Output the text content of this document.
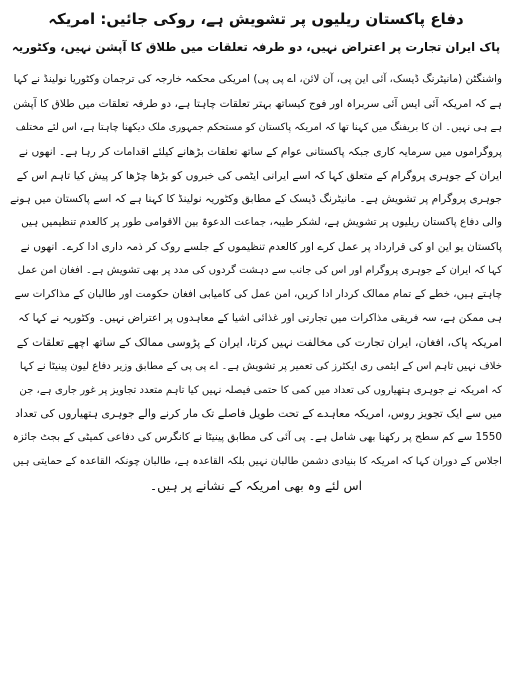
دفاع پاکستان ریلیوں پر تشویش ہے، روکی جائیں: امریکہ
پاک ایران تجارت پر اعتراض نہیں، دو طرفہ تعلقات میں طلاق کا آپشن نہیں، وکٹوریہ
واشنگٹن (مانیٹرنگ ڈیسک، آئی این پی، آن لائن، اے پی پی) امریکی محکمہ خارجہ کی ترجمان وکٹوریا نولینڈ نے کہا
ہے کہ امریکہ آئی ایس آئی سربراہ اور فوج کیساتھ بہتر تعلقات چاہتا ہے، دو طرفہ تعلقات میں طلاق کا آپشن
ہے ہی نہیں۔ ان کا بریفنگ میں کہنا تھا کہ امریکہ پاکستان کو مستحکم جمہوری ملک دیکھنا چاہتا ہے، اس لئے مختلف
پروگراموں میں سرمایہ کاری جبکہ پاکستانی عوام کے ساتھ تعلقات بڑھانے کیلئے اقدامات کر رہا ہے۔ انھوں نے
ایران کے جوہری پروگرام کے متعلق کہا کہ اسے ایرانی ایٹمی کی خبروں کو بڑھا چڑھا کر پیش کیا تاہم اس کے
جوہری پروگرام پر تشویش ہے۔ مانیٹرنگ ڈیسک کے مطابق وکٹوریہ نولینڈ کا کہنا ہے کہ اسے پاکستان میں ہونے
والی دفاع پاکستان ریلیوں پر تشویش ہے، لشکر طیبہ، جماعت الدعوۃ بین الاقوامی طور پر کالعدم تنظیمیں ہیں
پاکستان یو این او کی قرارداد پر عمل کرے اور کالعدم تنظیموں کے جلسے روک کر ذمہ داری ادا کرے۔ انھوں نے
کہا کہ ایران کے جوہری پروگرام اور اس کی جانب سے دہشت گردوں کی مدد پر بھی تشویش ہے۔ افغان امن عمل
چاہتے ہیں، خطے کے تمام ممالک کردار ادا کریں، امن عمل کی کامیابی افغان حکومت اور طالبان کے مذاکرات سے
ہی ممکن ہے، سہ فریقی مذاکرات میں تجارتی اور غذائی اشیا کے معاہدوں پر اعتراض نہیں۔ وکٹوریہ نے کہا کہ
امریکہ پاک، افغان، ایران تجارت کی مخالفت نہیں کرتا، ایران کے پڑوسی ممالک کے ساتھ اچھے تعلقات کے
خلاف نہیں تاہم اس کے ایٹمی ری ایکٹرز کی تعمیر پر تشویش ہے۔ اے پی پی کے مطابق وزیر دفاع لیون پینیٹا نے کہا
کہ امریکہ نے جوہری ہتھیاروں کی تعداد میں کمی کا حتمی فیصلہ نہیں کیا تاہم متعدد تجاویز پر غور جاری ہے، جن
میں سے ایک تجویز روس، امریکہ معاہدے کے تحت طویل فاصلے تک مار کرنے والے جوہری ہتھیاروں کی تعداد
1550 سے کم سطح پر رکھنا بھی شامل ہے۔ پی آئی کی مطابق پینیٹا نے کانگرس کی دفاعی کمیٹی کے بجٹ جائزہ
اجلاس کے دوران کہا کہ امریکہ کا بنیادی دشمن طالبان نہیں بلکہ القاعدہ ہے، طالبان چونکہ القاعدہ کے حمایتی ہیں
اس لئے وہ بھی امریکہ کے نشانے پر ہیں۔
